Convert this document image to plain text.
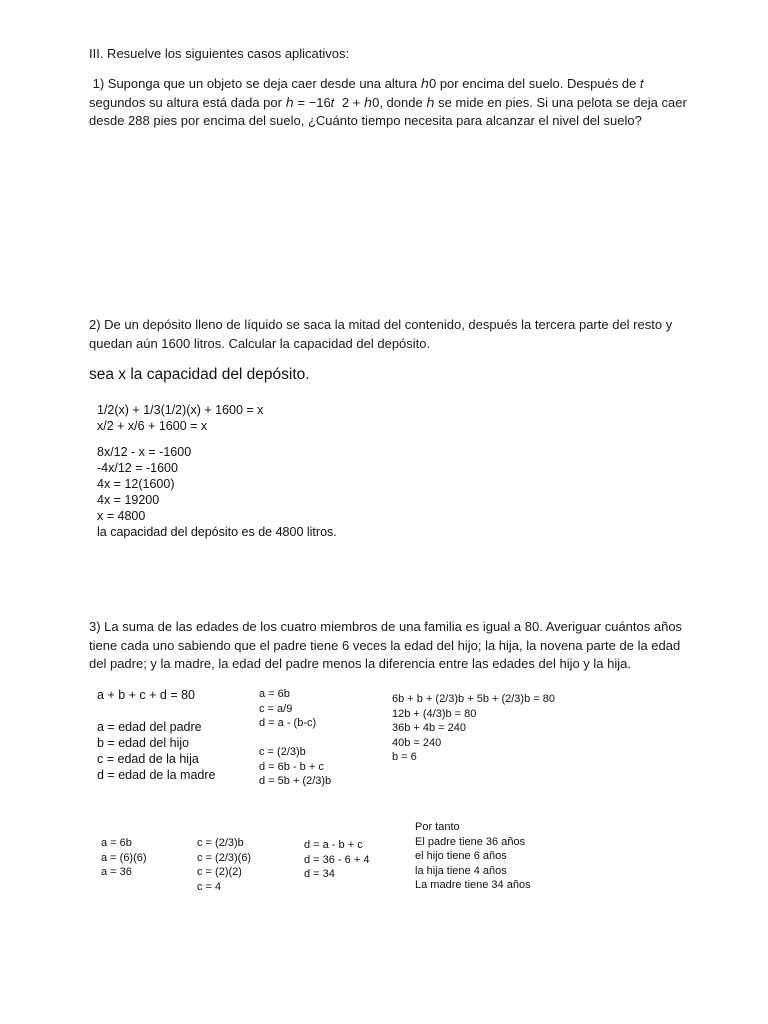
III. Resuelve los siguientes casos aplicativos:
1) Suponga que un objeto se deja caer desde una altura ℎ0 por encima del suelo. Después de 𝑡
segundos su altura está dada por ℎ = −16𝑡  2 + ℎ0, donde ℎ se mide en pies. Si una pelota se deja caer
desde 288 pies por encima del suelo, ¿Cuánto tiempo necesita para alcanzar el nivel del suelo?
2) De un depósito lleno de líquido se saca la mitad del contenido, después la tercera parte del resto y
quedan aún 1600 litros. Calcular la capacidad del depósito.
sea x la capacidad del depósito.
1/2(x) + 1/3(1/2)(x) + 1600 = x
x/2 + x/6 + 1600 = x
8x/12 - x = -1600
-4x/12 = -1600
4x = 12(1600)
4x = 19200
x = 4800
la capacidad del depósito es de 4800 litros.
3) La suma de las edades de los cuatro miembros de una familia es igual a 80. Averiguar cuántos años
tiene cada uno sabiendo que el padre tiene 6 veces la edad del hijo; la hija, la novena parte de la edad
del padre; y la madre, la edad del padre menos la diferencia entre las edades del hijo y la hija.
a + b + c + d = 80
a = edad del padre
b = edad del hijo
c = edad de la hija
d = edad de la madre
a = 6b
c = a/9
d = a - (b-c)
c = (2/3)b
d = 6b - b + c
d = 5b + (2/3)b
6b + b + (2/3)b + 5b + (2/3)b = 80
12b + (4/3)b = 80
36b + 4b = 240
40b = 240
b = 6
a = 6b
a = (6)(6)
a = 36
c = (2/3)b
c = (2/3)(6)
c = (2)(2)
c = 4
d = a - b + c
d = 36 - 6 + 4
d = 34
Por tanto
El padre tiene 36 años
el hijo tiene 6 años
la hija tiene 4 años
La madre tiene 34 años
